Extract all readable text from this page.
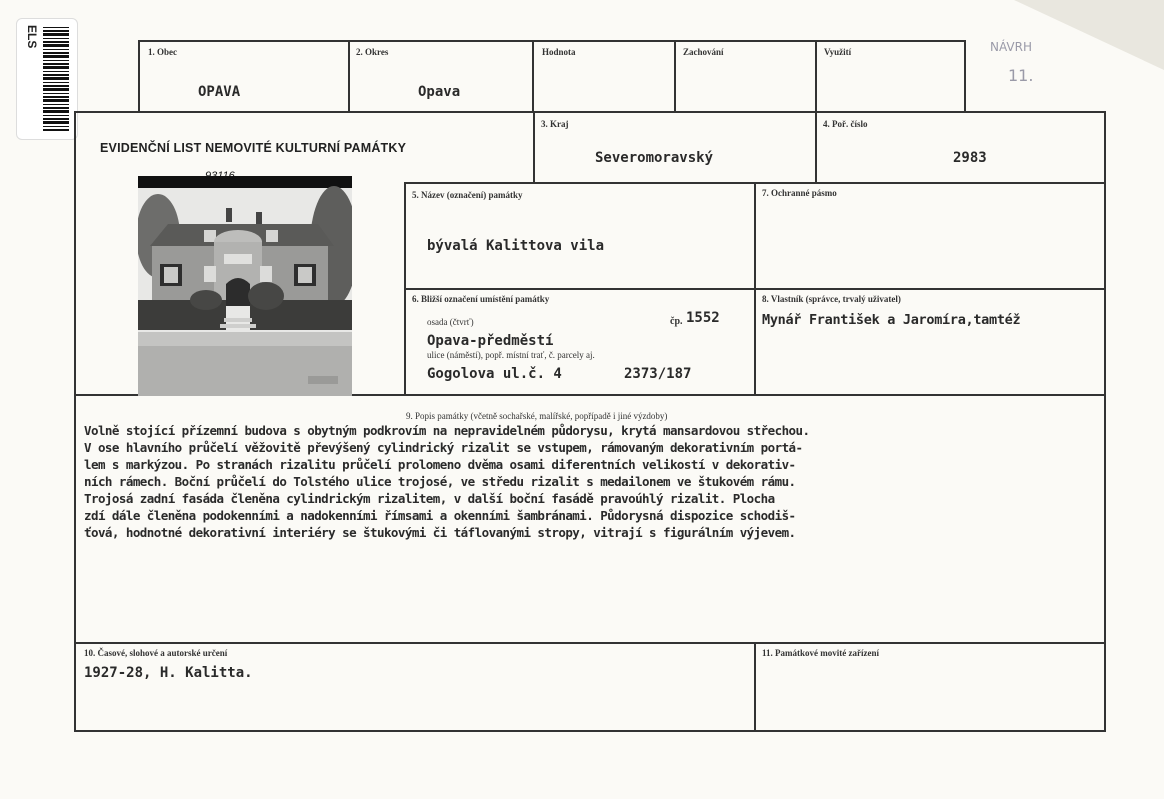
ELS	NÁVRH
11.
1. Obec
OPAVA
2. Okres
Opava
Hodnota	Zachování	Využití
EVIDENČNÍ LIST NEMOVITÉ KULTURNÍ PAMÁTKY
3. Kraj
Severomoravský
4. Poř. číslo
2983
93116
5. Název (označení) památky
bývalá Kalittova vila
7. Ochranné pásmo
6. Bližší označení umístění památky
osada (čtvrť)	čp. 1552
Opava-předměstí
ulice (náměstí), popř. místní trať, č. parcely aj.
Gogolova ul.č. 4	2373/187
8. Vlastník (správce, trvalý uživatel)
Mynář František a Jaromíra,tamtéž
9. Popis památky (včetně sochařské, malířské, popřípadě i jiné výzdoby)
Volně stojící přízemní budova s obytným podkrovím na nepravidelném půdorysu, krytá mansardovou střechou.
V ose hlavního průčelí věžovitě převýšený cylindrický rizalit se vstupem, rámovaným dekorativním portá-
lem s markýzou. Po stranách rizalitu průčelí prolomeno dvěma osami diferentních velikostí v dekorativ-
ních rámech. Boční průčelí do Tolstého ulice trojosé, ve středu rizalit s medailonem ve štukovém rámu.
Trojosá zadní fasáda členěna cylindrickým rizalitem, v další boční fasádě pravoúhlý rizalit. Plocha
zdí dále členěna podokenními a nadokenními římsami a okenními šambránami. Půdorysná dispozice schodiš-
ťová, hodnotné dekorativní interiéry se štukovými či táflovanými stropy, vitrají s figurálním výjevem.
10. Časové, slohové a autorské určení
1927-28, H. Kalitta.
11. Památkové movité zařízení
